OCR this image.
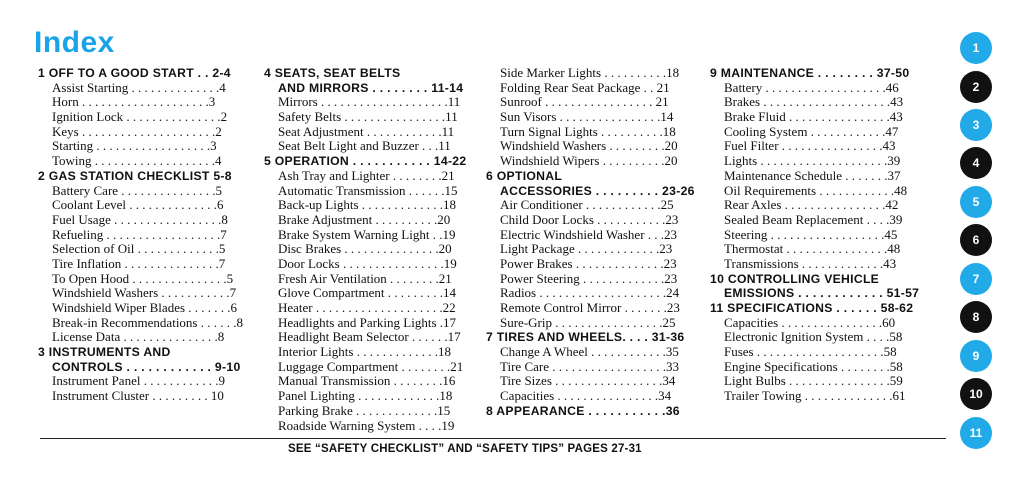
Index
1 OFF TO A GOOD START . . 2-4
Assist Starting . . . . . . . . . . . . . .4
Horn . . . . . . . . . . . . . . . . . . . .3
Ignition Lock . . . . . . . . . . . . . . .2
Keys . . . . . . . . . . . . . . . . . . . . .2
Starting . . . . . . . . . . . . . . . . . .3
Towing . . . . . . . . . . . . . . . . . . .4
2 GAS STATION CHECKLIST 5-8
Battery Care . . . . . . . . . . . . . . .5
Coolant Level . . . . . . . . . . . . . .6
Fuel Usage . . . . . . . . . . . . . . . . .8
Refueling . . . . . . . . . . . . . . . . . .7
Selection of Oil . . . . . . . . . . . . .5
Tire Inflation . . . . . . . . . . . . . . .7
To Open Hood . . . . . . . . . . . . . . .5
Windshield Washers . . . . . . . . . . .7
Windshield Wiper Blades . . . . . . .6
Break-in Recommendations . . . . . .8
License Data . . . . . . . . . . . . . . .8
3 INSTRUMENTS AND
CONTROLS . . . . . . . . . . . . 9-10
Instrument Panel . . . . . . . . . . . .9
Instrument Cluster . . . . . . . . . 10
4 SEATS, SEAT BELTS
AND MIRRORS . . . . . . . . 11-14
Mirrors . . . . . . . . . . . . . . . . . . . .11
Safety Belts . . . . . . . . . . . . . . . .11
Seat Adjustment . . . . . . . . . . . .11
Seat Belt Light and Buzzer . . .11
5 OPERATION . . . . . . . . . . . 14-22
Ash Tray and Lighter . . . . . . . .21
Automatic Transmission . . . . . .15
Back-up Lights . . . . . . . . . . . . .18
Brake Adjustment . . . . . . . . . .20
Brake System Warning Light . .19
Disc Brakes . . . . . . . . . . . . . . .20
Door Locks . . . . . . . . . . . . . . . .19
Fresh Air Ventilation . . . . . . . .21
Glove Compartment . . . . . . . . .14
Heater . . . . . . . . . . . . . . . . . . . .22
Headlights and Parking Lights .17
Headlight Beam Selector . . . . . .17
Interior Lights . . . . . . . . . . . . .18
Luggage Compartment . . . . . . . .21
Manual Transmission . . . . . . . .16
Panel Lighting . . . . . . . . . . . . .18
Parking Brake . . . . . . . . . . . . .15
Roadside Warning System . . . .19
Side Marker Lights . . . . . . . . . .18
Folding Rear Seat Package . . 21
Sunroof . . . . . . . . . . . . . . . . . 21
Sun Visors . . . . . . . . . . . . . . . .14
Turn Signal Lights . . . . . . . . . .18
Windshield Washers . . . . . . . . .20
Windshield Wipers . . . . . . . . . .20
6 OPTIONAL
ACCESSORIES . . . . . . . . . 23-26
Air Conditioner . . . . . . . . . . . .25
Child Door Locks . . . . . . . . . . .23
Electric Windshield Washer . . .23
Light Package . . . . . . . . . . . . .23
Power Brakes . . . . . . . . . . . . . .23
Power Steering . . . . . . . . . . . . .23
Radios . . . . . . . . . . . . . . . . . . . .24
Remote Control Mirror . . . . . . .23
Sure-Grip . . . . . . . . . . . . . . . . .25
7 TIRES AND WHEELS. . . . 31-36
Change A Wheel . . . . . . . . . . . .35
Tire Care . . . . . . . . . . . . . . . . . .33
Tire Sizes . . . . . . . . . . . . . . . . .34
Capacities . . . . . . . . . . . . . . . .34
8 APPEARANCE . . . . . . . . . . .36
9 MAINTENANCE . . . . . . . . 37-50
Battery . . . . . . . . . . . . . . . . . . .46
Brakes . . . . . . . . . . . . . . . . . . . .43
Brake Fluid . . . . . . . . . . . . . . . .43
Cooling System . . . . . . . . . . . .47
Fuel Filter . . . . . . . . . . . . . . . .43
Lights . . . . . . . . . . . . . . . . . . . .39
Maintenance Schedule . . . . . . .37
Oil Requirements . . . . . . . . . . . .48
Rear Axles . . . . . . . . . . . . . . . .42
Sealed Beam Replacement . . . .39
Steering . . . . . . . . . . . . . . . . . .45
Thermostat . . . . . . . . . . . . . . . .48
Transmissions . . . . . . . . . . . . .43
10 CONTROLLING VEHICLE
EMISSIONS . . . . . . . . . . . . 51-57
11 SPECIFICATIONS . . . . . . 58-62
Capacities . . . . . . . . . . . . . . . .60
Electronic Ignition System . . . .58
Fuses . . . . . . . . . . . . . . . . . . . .58
Engine Specifications . . . . . . . .58
Light Bulbs . . . . . . . . . . . . . . . .59
Trailer Towing . . . . . . . . . . . . . .61
SEE “SAFETY CHECKLIST” AND “SAFETY TIPS” PAGES 27-31
1
2
3
4
5
6
7
8
9
10
11
